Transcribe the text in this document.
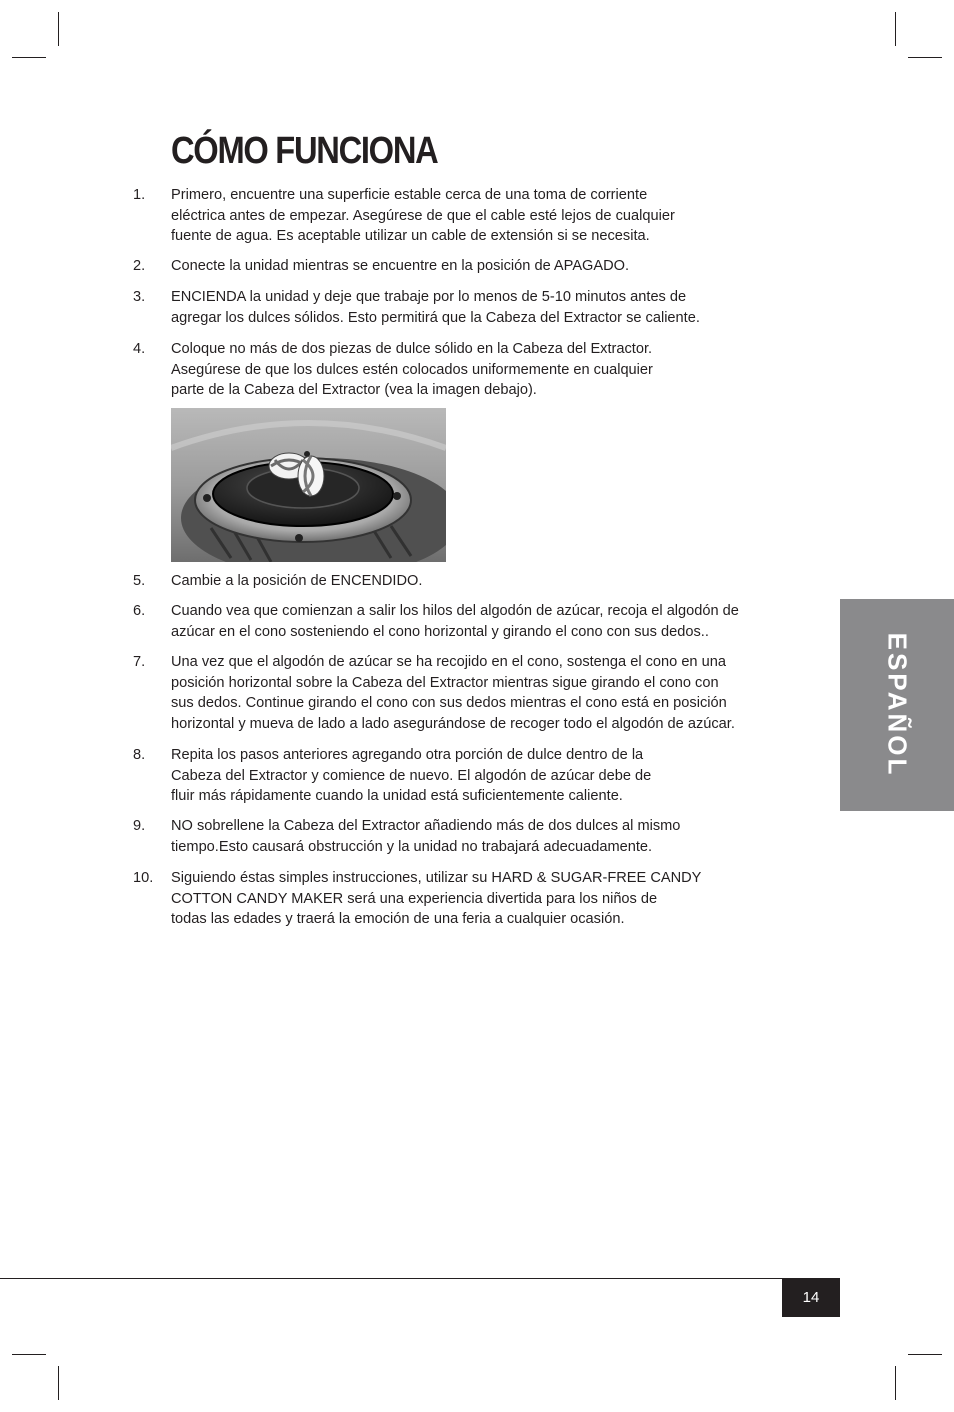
CÓMO FUNCIONA
1. Primero, encuentre una superficie estable cerca de una toma de corriente
eléctrica antes de empezar. Asegúrese de que el cable esté lejos de cualquier
fuente de agua. Es aceptable utilizar un cable de extensión si se necesita.
2. Conecte la unidad mientras se encuentre en la posición de APAGADO.
3. ENCIENDA la unidad y deje que trabaje por lo menos de 5-10 minutos antes de
agregar los dulces sólidos. Esto permitirá que la Cabeza del Extractor se caliente.
4. Coloque no más de dos piezas de dulce sólido en la Cabeza del Extractor.
Asegúrese de que los dulces estén colocados uniformemente en cualquier
parte de la Cabeza del Extractor (vea la imagen debajo).
5. Cambie a la posición de ENCENDIDO.
6. Cuando vea que comienzan a salir los hilos del algodón de azúcar, recoja el algodón de
azúcar en el cono sosteniendo el cono horizontal y girando el cono con sus dedos..
7. Una vez que el algodón de azúcar se ha recojido en el cono, sostenga el cono en una
posición horizontal sobre la Cabeza del Extractor mientras sigue girando el cono con
sus dedos. Continue girando el cono con sus dedos mientras el cono está en posición
horizontal y mueva de lado a lado asegurándose de recoger todo el algodón de azúcar.
8. Repita los pasos anteriores agregando otra porción de dulce dentro de la
Cabeza del Extractor y comience de nuevo. El algodón de azúcar debe de
fluir más rápidamente cuando la unidad está suficientemente caliente.
9. NO sobrellene la Cabeza del Extractor añadiendo más de dos dulces al mismo
tiempo.Esto causará obstrucción y la unidad no trabajará adecuadamente.
10. Siguiendo éstas simples instrucciones, utilizar su HARD & SUGAR-FREE CANDY
COTTON CANDY MAKER será una experiencia divertida para los niños de
todas las edades y traerá la emoción de una feria a cualquier ocasión.
ESPAÑOL
14
